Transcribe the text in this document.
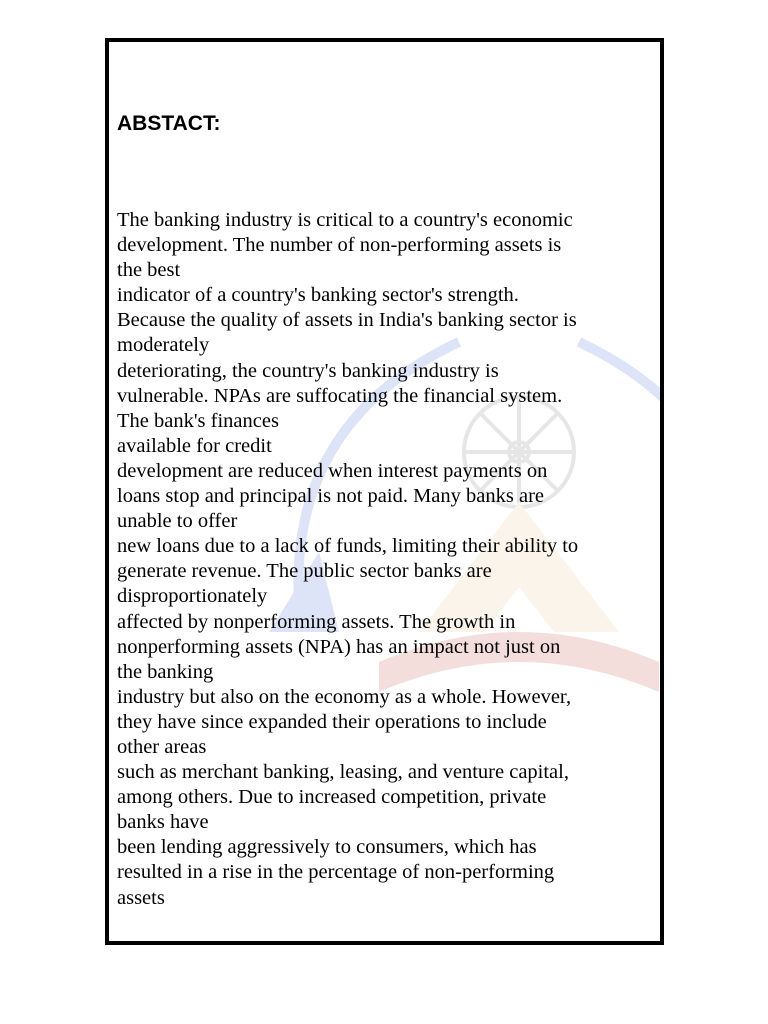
ABSTACT:
The banking industry is critical to a country's economic
development. The number of non-performing assets is
the best
indicator of a country's banking sector's strength.
Because the quality of assets in India's banking sector is
moderately
deteriorating, the country's banking industry is
vulnerable. NPAs are suffocating the financial system.
The bank's finances
available for credit
development are reduced when interest payments on
loans stop and principal is not paid. Many banks are
unable to offer
new loans due to a lack of funds, limiting their ability to
generate revenue. The public sector banks are
disproportionately
affected by nonperforming assets. The growth in
nonperforming assets (NPA) has an impact not just on
the banking
industry but also on the economy as a whole. However,
they have since expanded their operations to include
other areas
such as merchant banking, leasing, and venture capital,
among others. Due to increased competition, private
banks have
been lending aggressively to consumers, which has
resulted in a rise in the percentage of non-performing
assets
